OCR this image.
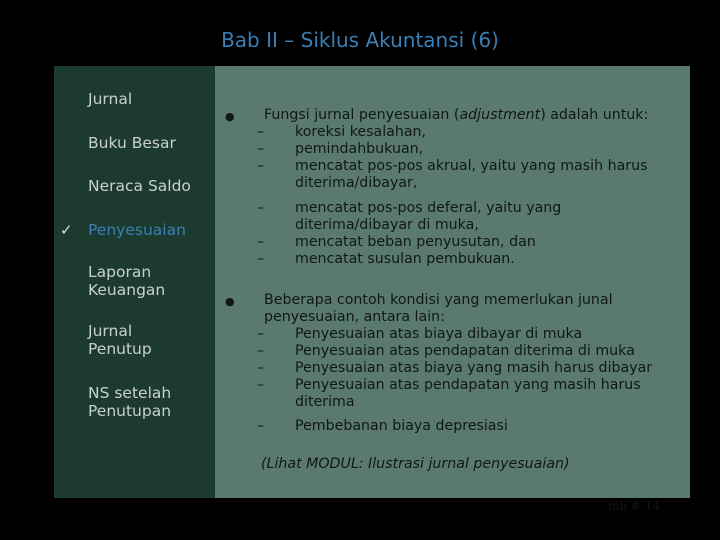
Bab II – Siklus Akuntansi (6)
Jurnal
Buku Besar
Neraca Saldo
✓ Penyesuaian
Laporan Keuangan
Jurnal Penutup
NS setelah Penutupan
● Fungsi jurnal penyesuaian (adjustment) adalah untuk:
– koreksi kesalahan,
– pemindahbukuan,
– mencatat pos-pos akrual, yaitu yang masih harus diterima/dibayar,
– mencatat pos-pos deferal, yaitu yang diterima/dibayar di muka,
– mencatat beban penyusutan, dan
– mencatat susulan pembukuan.
● Beberapa contoh kondisi yang memerlukan junal penyesuaian, antara lain:
– Penyesuaian atas biaya dibayar di muka
– Penyesuaian atas pendapatan diterima di muka
– Penyesuaian atas biaya yang masih harus dibayar
– Penyesuaian atas pendapatan yang masih harus diterima
– Pembebanan biaya depresiasi
(Lihat MODUL: Ilustrasi jurnal penyesuaian)
mh # 14
